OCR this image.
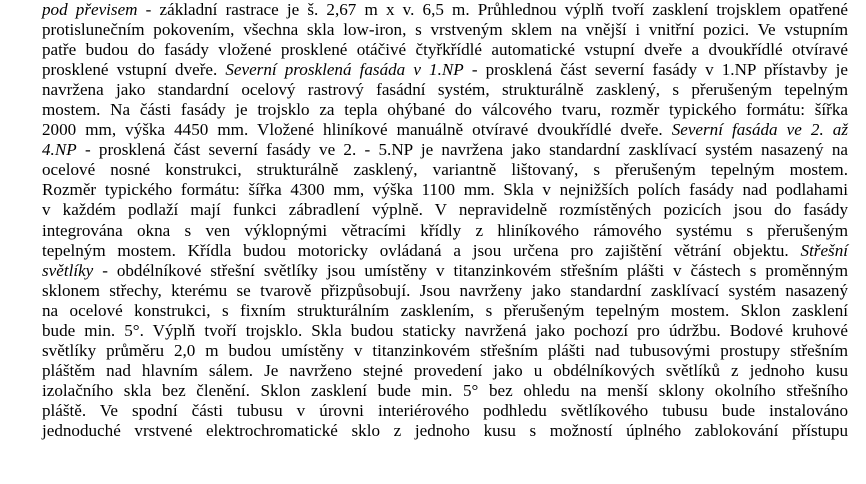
pod převisem - základní rastrace je š. 2,67 m x v. 6,5 m. Průhlednou výplň tvoří zasklení trojsklem opatřené
protislunečním pokovením, všechna skla low-iron, s vrstveným sklem na vnější i vnitřní pozici. Ve vstupním
patře budou do fasády vložené prosklené otáčivé čtyřkřídlé automatické vstupní dveře a dvoukřídlé otvíravé
prosklené vstupní dveře. Severní prosklená fasáda v 1.NP - prosklená část severní fasády v 1.NP přístavby je
navržena jako standardní ocelový rastrový fasádní systém, strukturálně zasklený, s přerušeným tepelným
mostem. Na části fasády je trojsklo za tepla ohýbané do válcového tvaru, rozměr typického formátu: šířka
2000 mm, výška 4450 mm. Vložené hliníkové manuálně otvíravé dvoukřídlé dveře. Severní fasáda ve 2. až
4.NP - prosklená část severní fasády ve 2. - 5.NP je navržena jako standardní zasklívací systém nasazený na
ocelové nosné konstrukci, strukturálně zasklený, variantně lištovaný, s přerušeným tepelným mostem.
Rozměr typického formátu: šířka 4300 mm, výška 1100 mm. Skla v nejnižších polích fasády nad podlahami
v každém podlaží mají funkci zábradlení výplně. V nepravidelně rozmístěných pozicích jsou do fasády
integrována okna s ven výklopnými větracími křídly z hliníkového rámového systému s přerušeným
tepelným mostem. Křídla budou motoricky ovládaná a jsou určena pro zajištění větrání objektu. Střešní
světlíky - obdélníkové střešní světlíky jsou umístěny v titanzinkovém střešním plášti v částech s proměnným
sklonem střechy, kterému se tvarově přizpůsobují. Jsou navrženy jako standardní zasklívací systém nasazený
na ocelové konstrukci, s fixním strukturálním zasklením, s přerušeným tepelným mostem. Sklon zasklení
bude min. 5°. Výplň tvoří trojsklo. Skla budou staticky navržená jako pochozí pro údržbu. Bodové kruhové
světlíky průměru 2,0 m budou umístěny v titanzinkovém střešním plášti nad tubusovými prostupy střešním
pláštěm nad hlavním sálem. Je navrženo stejné provedení jako u obdélníkových světlíků z jednoho kusu
izolačního skla bez členění. Sklon zasklení bude min. 5° bez ohledu na menší sklony okolního střešního
pláště. Ve spodní části tubusu v úrovni interiérového podhledu světlíkového tubusu bude instalováno
jednoduché vrstvené elektrochromatické sklo z jednoho kusu s možností úplného zablokování přístupu
